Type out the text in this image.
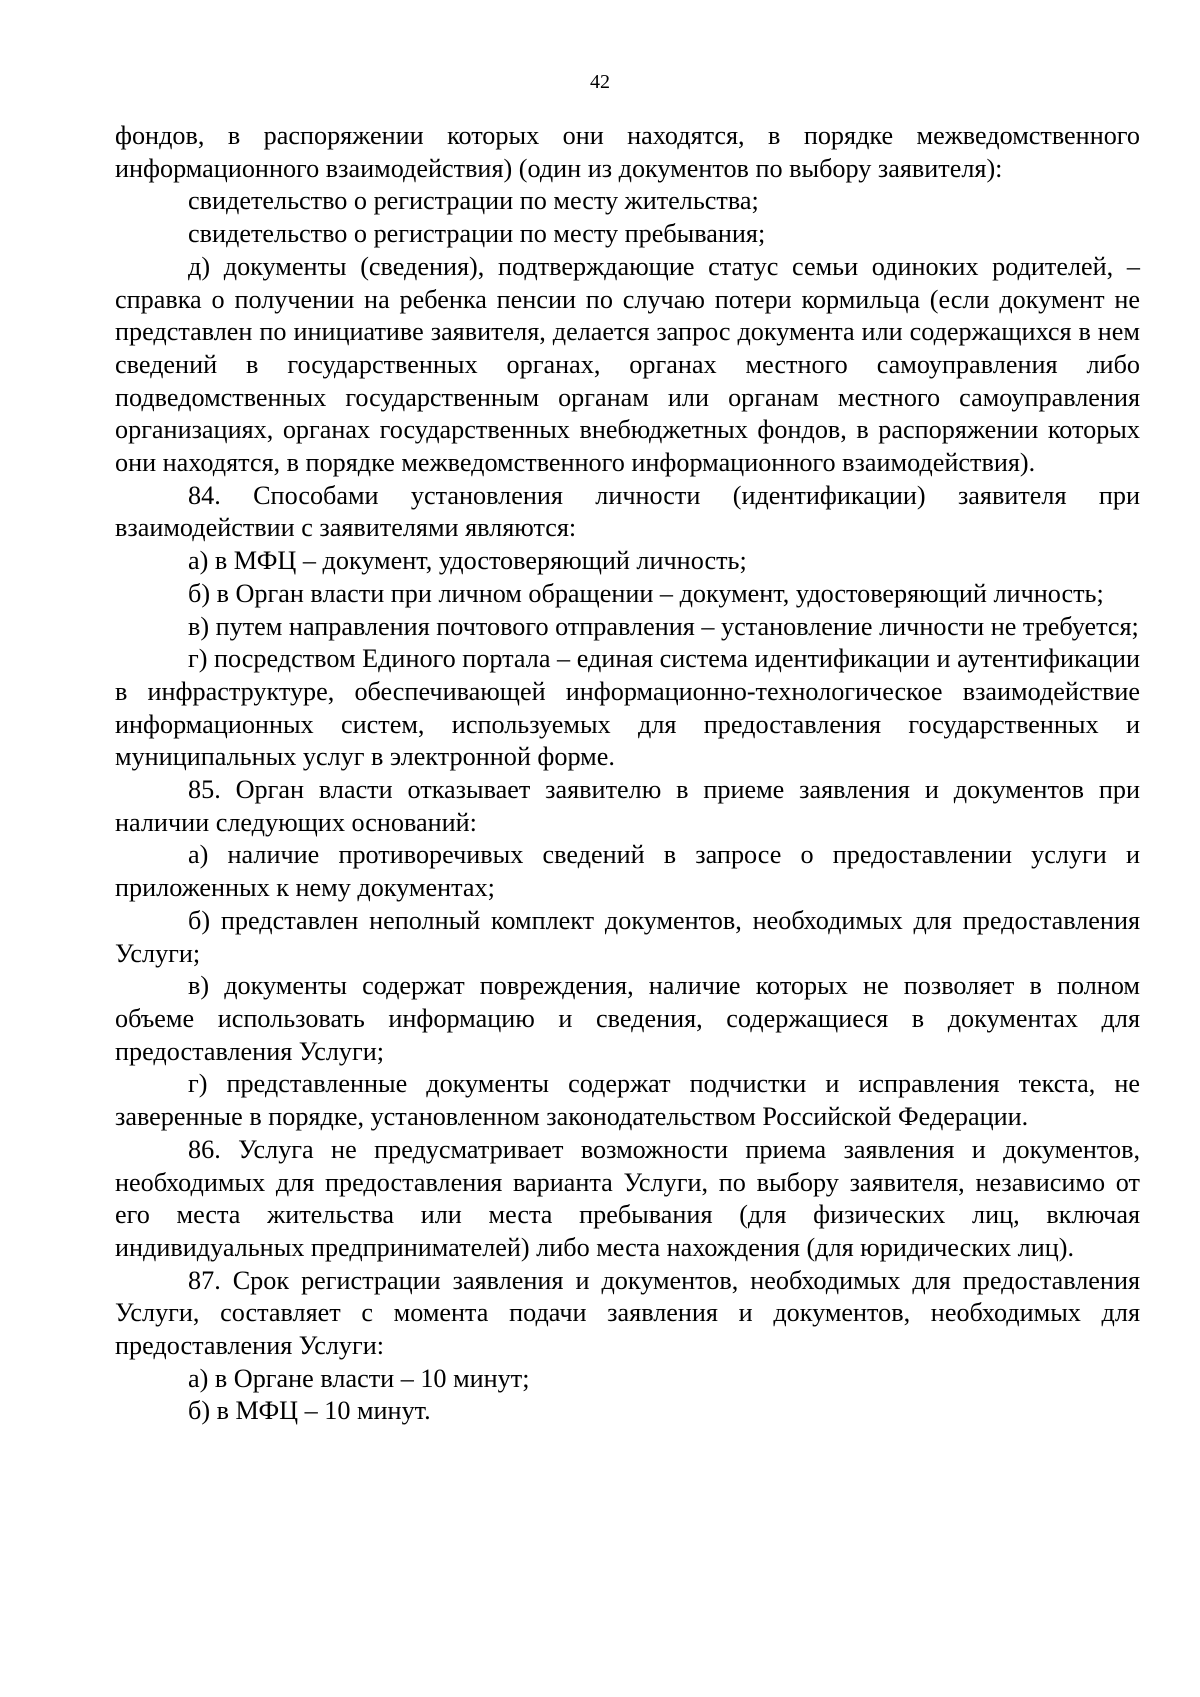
42

фондов, в распоряжении которых они находятся, в порядке межведомственного информационного взаимодействия) (один из документов по выбору заявителя):

свидетельство о регистрации по месту жительства;

свидетельство о регистрации по месту пребывания;

д) документы (сведения), подтверждающие статус семьи одиноких родителей, – справка о получении на ребенка пенсии по случаю потери кормильца (если документ не представлен по инициативе заявителя, делается запрос документа или содержащихся в нем сведений в государственных органах, органах местного самоуправления либо подведомственных государственным органам или органам местного самоуправления организациях, органах государственных внебюджетных фондов, в распоряжении которых они находятся, в порядке межведомственного информационного взаимодействия).

84. Способами установления личности (идентификации) заявителя при взаимодействии с заявителями являются:

а) в МФЦ – документ, удостоверяющий личность;

б) в Орган власти при личном обращении – документ, удостоверяющий личность;

в) путем направления почтового отправления – установление личности не требуется;

г) посредством Единого портала – единая система идентификации и аутентификации в инфраструктуре, обеспечивающей информационно-технологическое взаимодействие информационных систем, используемых для предоставления государственных и муниципальных услуг в электронной форме.

85. Орган власти отказывает заявителю в приеме заявления и документов при наличии следующих оснований:

а) наличие противоречивых сведений в запросе о предоставлении услуги и приложенных к нему документах;

б) представлен неполный комплект документов, необходимых для предоставления Услуги;

в) документы содержат повреждения, наличие которых не позволяет в полном объеме использовать информацию и сведения, содержащиеся в документах для предоставления Услуги;

г) представленные документы содержат подчистки и исправления текста, не заверенные в порядке, установленном законодательством Российской Федерации.

86. Услуга не предусматривает возможности приема заявления и документов, необходимых для предоставления варианта Услуги, по выбору заявителя, независимо от его места жительства или места пребывания (для физических лиц, включая индивидуальных предпринимателей) либо места нахождения (для юридических лиц).

87. Срок регистрации заявления и документов, необходимых для предоставления Услуги, составляет с момента подачи заявления и документов, необходимых для предоставления Услуги:

а) в Органе власти – 10 минут;

б) в МФЦ – 10 минут.
